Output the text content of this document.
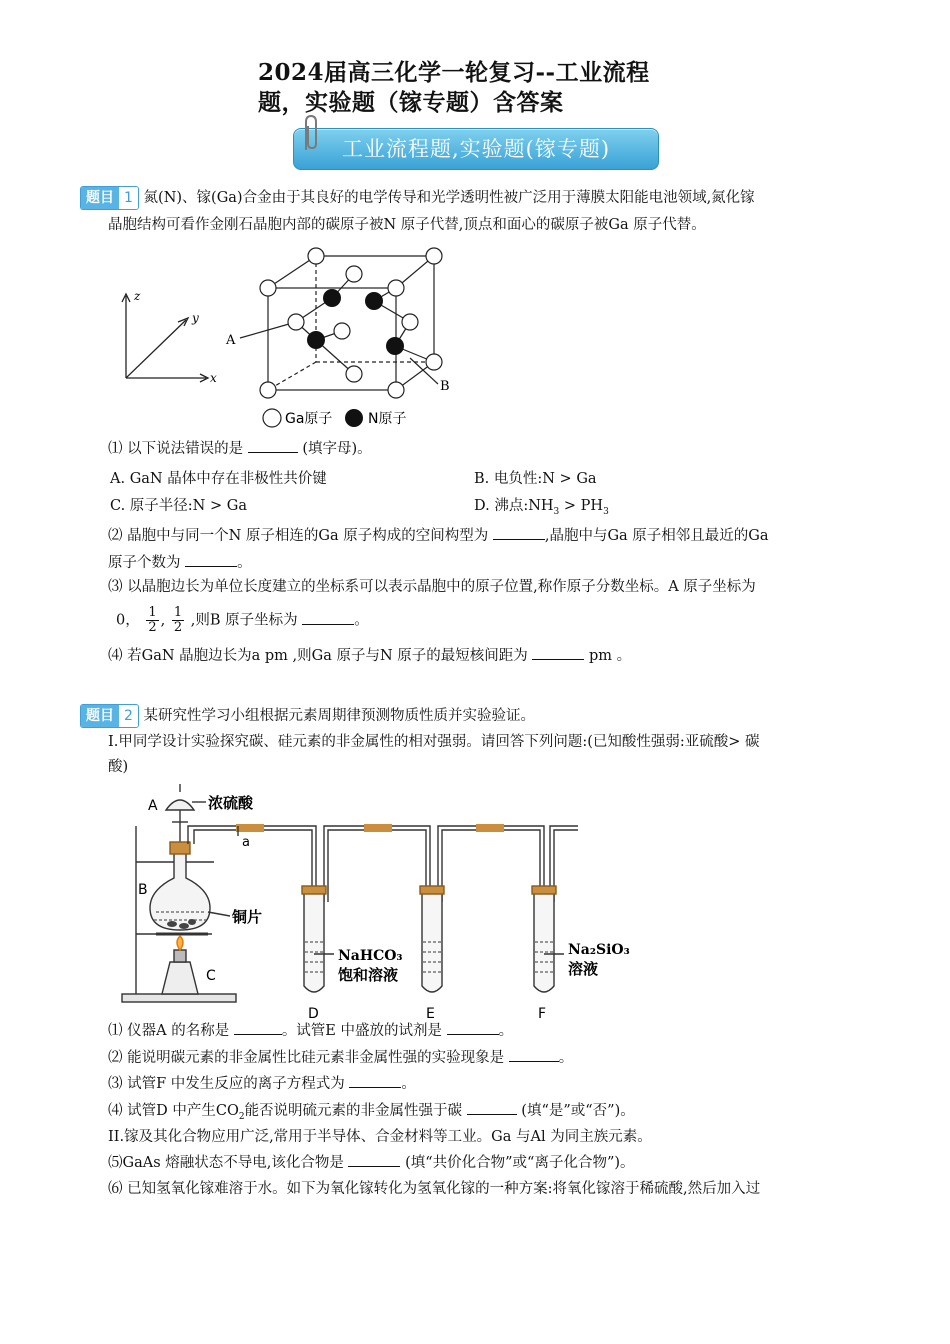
2024届高三化学一轮复习--工业流程
题，实验题（镓专题）含答案
工业流程题,实验题(镓专题)
题目 1 氮(N)、镓(Ga)合金由于其良好的电学传导和光学透明性被广泛用于薄膜太阳能电池领域,氮化镓
晶胞结构可看作金刚石晶胞内部的碳原子被N 原子代替,顶点和面心的碳原子被Ga 原子代替。
z
y
x
A
B
Ga原子	N原子
⑴ 以下说法错误的是	(填字母)。
A. GaN 晶体中存在非极性共价键	B. 电负性:N > Ga
C. 原子半径:N > Ga	D. 沸点$:NH_3 > PH_3$
⑵ 晶胞中与同一个N 原子相连的Ga 原子构成的空间构型为	,晶胞中与Ga 原子相邻且最近的Ga
原子个数为	。
⑶ 以晶胞边长为单位长度建立的坐标系可以表示晶胞中的原子位置,称作原子分数坐标。A 原子坐标为
0， $\frac{1}{2}$ , $\frac{1}{2}$ ,则B 原子坐标为	。
⑷ 若GaN 晶胞边长为a pm ,则Ga 原子与N 原子的最短核间距为	pm 。
题目 2 某研究性学习小组根据元素周期律预测物质性质并实验验证。
I.甲同学设计实验探究碳、硅元素的非金属性的相对强弱。请回答下列问题:(已知酸性强弱:亚硫酸> 碳
酸)
A	浓硫酸
a
B
铜片
C
NaHCO₃
饱和溶液
Na₂SiO₃
溶液
D	E	F
⑴ 仪器A 的名称是	。试管E 中盛放的试剂是	。
⑵ 能说明碳元素的非金属性比硅元素非金属性强的实验现象是	。
⑶ 试管F 中发生反应的离子方程式为	。
⑷ 试管D 中产生$CO_2$能否说明硫元素的非金属性强于碳	(填“是”或“否”)。
II.镓及其化合物应用广泛,常用于半导体、合金材料等工业。Ga 与Al 为同主族元素。
⑸GaAs 熔融状态不导电,该化合物是	(填“共价化合物”或“离子化合物”)。
⑹ 已知氢氧化镓难溶于水。如下为氧化镓转化为氢氧化镓的一种方案:将氧化镓溶于稀硫酸,然后加入过
